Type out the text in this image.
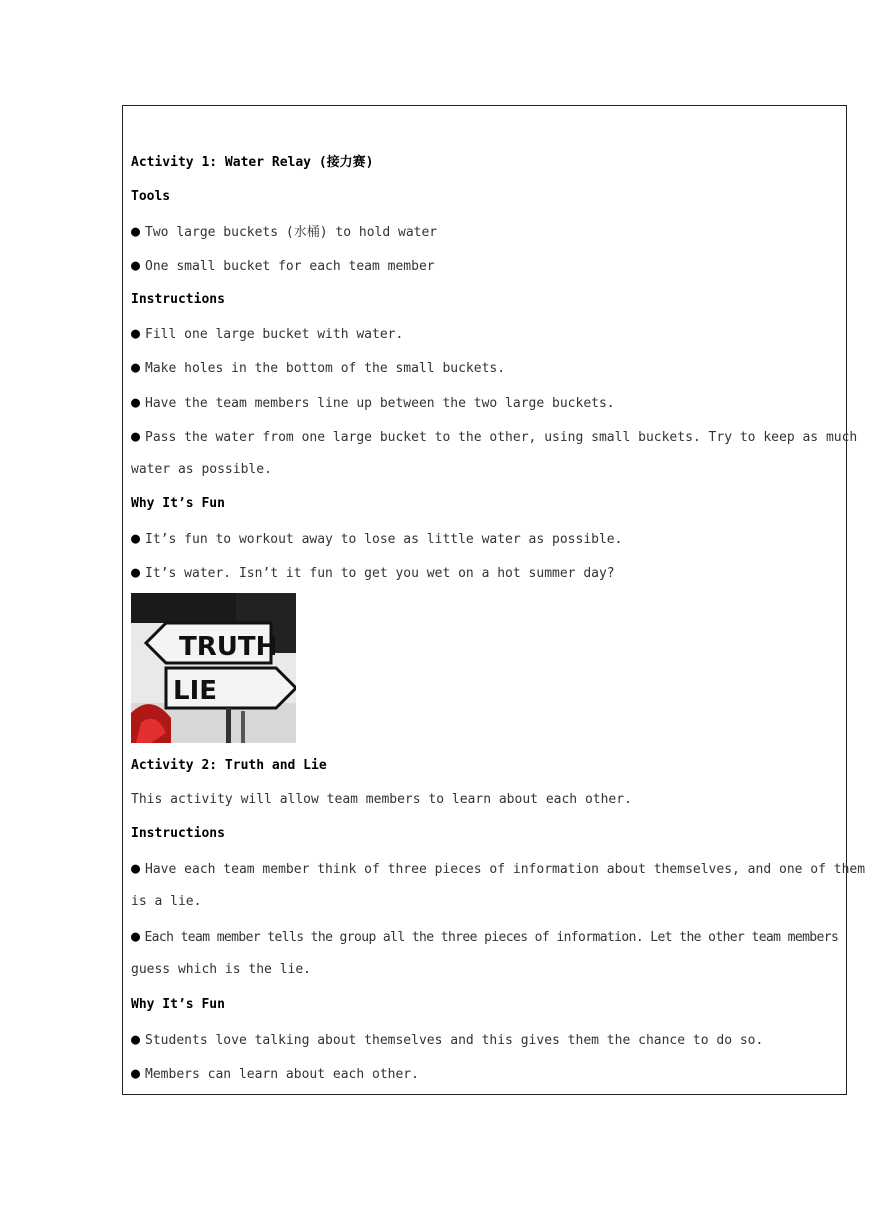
Activity 1: Water Relay (接力赛)
Tools
● Two large buckets (水桶) to hold water
● One small bucket for each team member
Instructions
● Fill one large bucket with water.
● Make holes in the bottom of the small buckets.
● Have the team members line up between the two large buckets.
● Pass the water from one large bucket to the other, using small buckets. Try to keep as much
water as possible.
Why It’s Fun
● It’s fun to workout away to lose as little water as possible.
● It’s water. Isn’t it fun to get you wet on a hot summer day?
TRUTH
LIE
Activity 2: Truth and Lie
This activity will allow team members to learn about each other.
Instructions
● Have each team member think of three pieces of information about themselves, and one of them
is a lie.
● Each team member tells the group all the three pieces of information. Let the other team members
guess which is the lie.
Why It’s Fun
● Students love talking about themselves and this gives them the chance to do so.
● Members can learn about each other.
